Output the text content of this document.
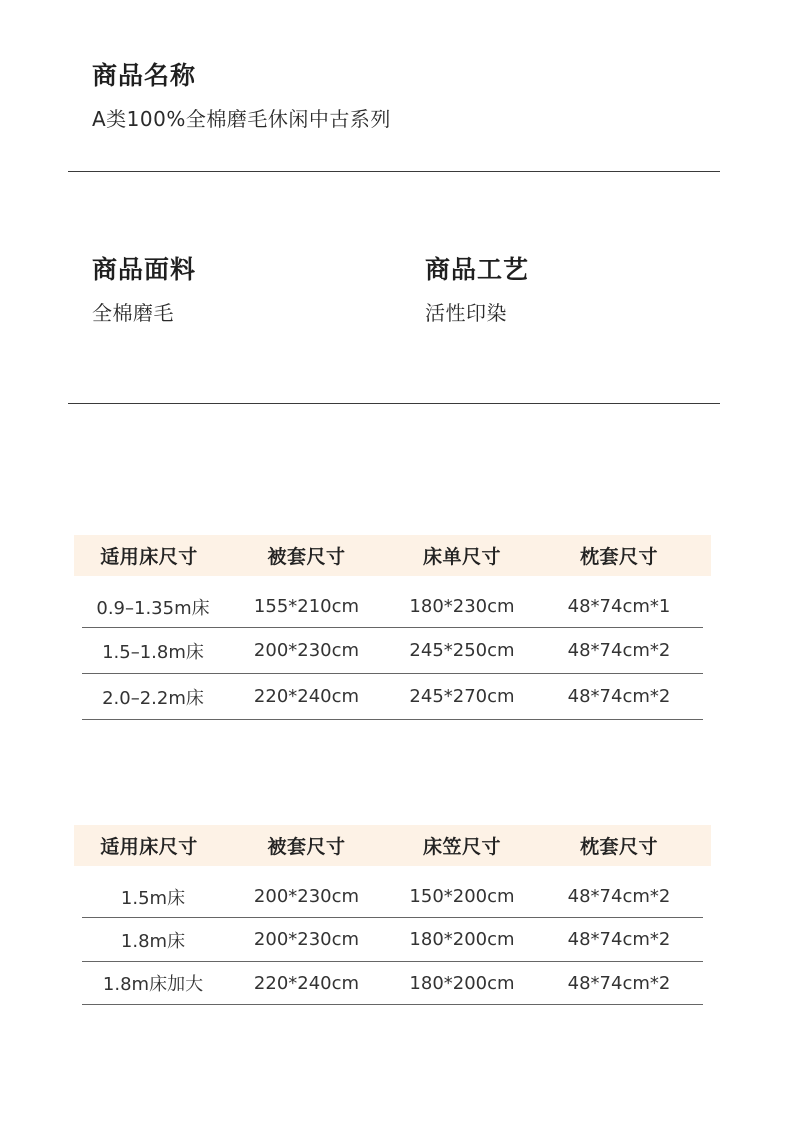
商品名称
A类100%全棉磨毛休闲中古系列
商品面料
全棉磨毛
商品工艺
活性印染
适用床尺寸	被套尺寸	床单尺寸	枕套尺寸
0.9–1.35m床	155*210cm	180*230cm	48*74cm*1
1.5–1.8m床	200*230cm	245*250cm	48*74cm*2
2.0–2.2m床	220*240cm	245*270cm	48*74cm*2
适用床尺寸	被套尺寸	床笠尺寸	枕套尺寸
1.5m床	200*230cm	150*200cm	48*74cm*2
1.8m床	200*230cm	180*200cm	48*74cm*2
1.8m床加大	220*240cm	180*200cm	48*74cm*2
